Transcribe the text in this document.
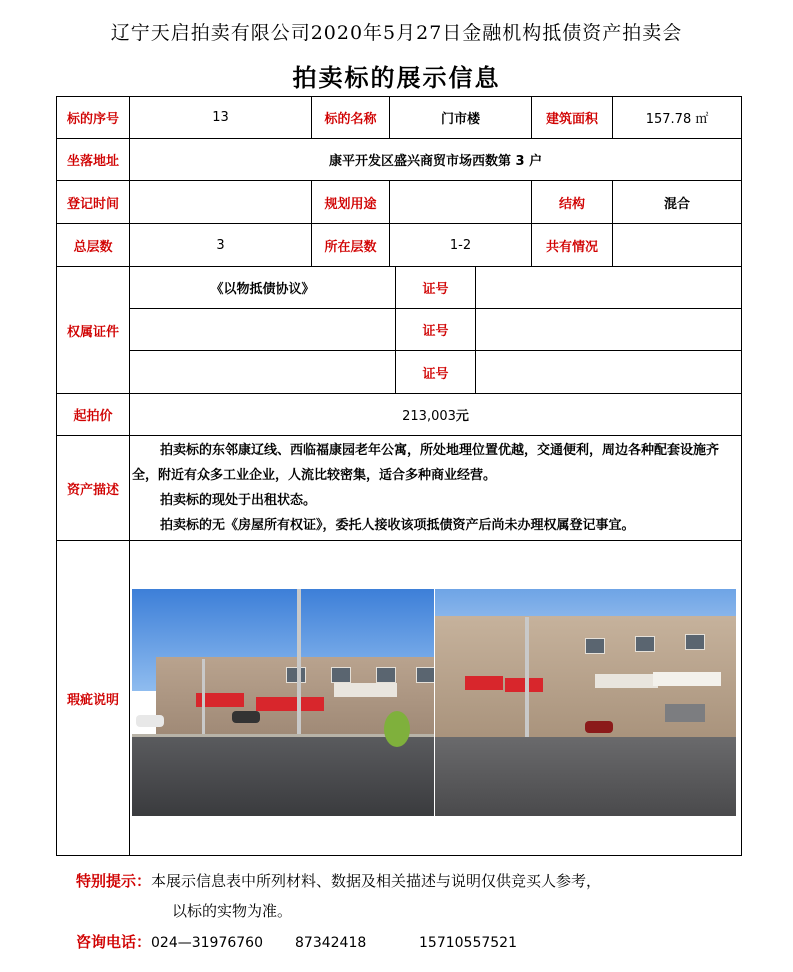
辽宁天启拍卖有限公司2020年5月27日金融机构抵债资产拍卖会
拍卖标的展示信息
标的序号	13	标的名称	门市楼			建筑面积	157.78 ㎡
坐落地址	康平开发区盛兴商贸市场西数第 3 户						
登记时间		规划用途				结构	混合
总层数	3	所在层数	1-2			共有情况	
权属证件	《以物抵债协议》			证号			
				证号			
				证号			
起拍价	213,003元						
资产描述	拍卖标的东邻康辽线、西临福康园老年公寓，所处地理位置优越，交通便利，周边各种配套设施齐全，附近有众多工业企业，人流比较密集，适合多种商业经营。

拍卖标的现处于出租状态。

拍卖标的无《房屋所有权证》，委托人接收该项抵债资产后尚未办理权属登记事宜。						

瑕疵说明							
特别提示：本展示信息表中所列材料、数据及相关描述与说明仅供竞买人参考，
以标的实物为准。
咨询电话：024—31976760 87342418	15710557521
